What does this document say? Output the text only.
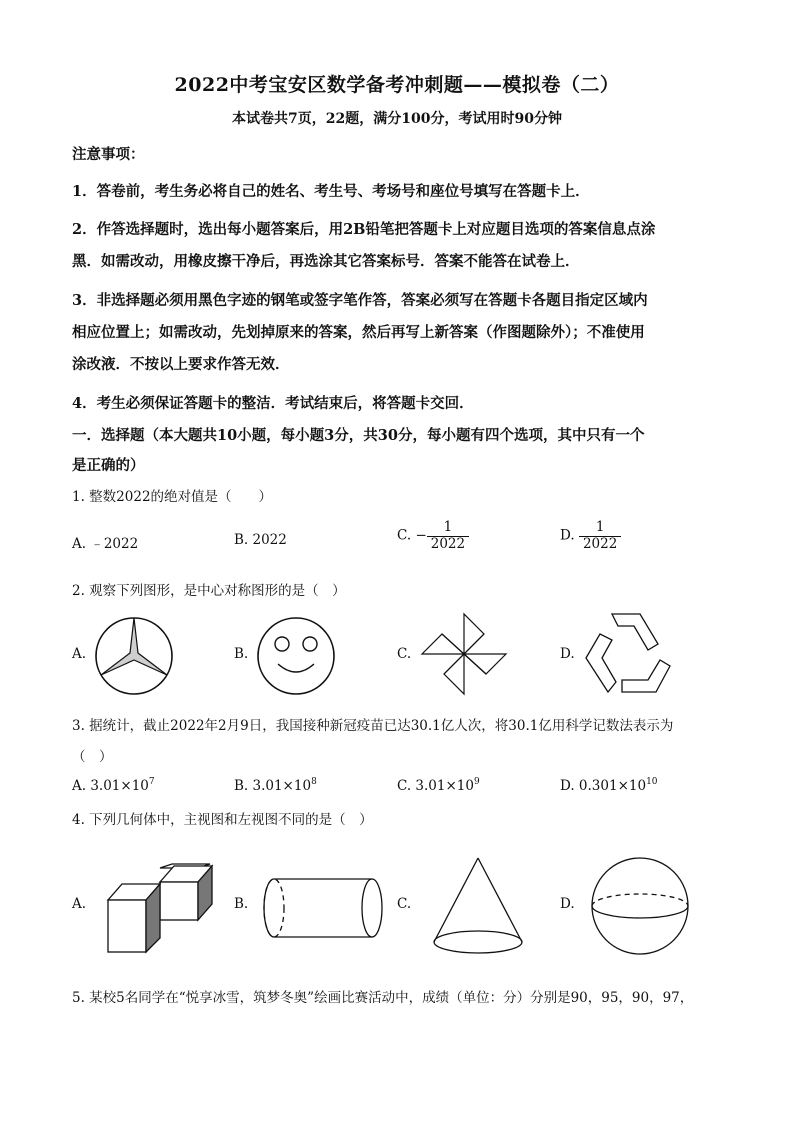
2022中考宝安区数学备考冲刺题——模拟卷（二）
本试卷共7页，22题，满分100分，考试用时90分钟
注意事项：
1．答卷前，考生务必将自己的姓名、考生号、考场号和座位号填写在答题卡上．
2．作答选择题时，选出每小题答案后，用2B铅笔把答题卡上对应题目选项的答案信息点涂
黑．如需改动，用橡皮擦干净后，再选涂其它答案标号．答案不能答在试卷上．
3．非选择题必须用黑色字迹的钢笔或签字笔作答，答案必须写在答题卡各题目指定区域内
相应位置上；如需改动，先划掉原来的答案，然后再写上新答案（作图题除外）；不准使用
涂改液．不按以上要求作答无效．
4．考生必须保证答题卡的整洁．考试结束后，将答题卡交回．
一．选择题（本大题共10小题，每小题3分，共30分，每小题有四个选项，其中只有一个
是正确的）
1. 整数2022的绝对值是（　　）
A. ﹣2022	B. 2022	C. − $\frac{1}{2022}$	D. $\frac{1}{2022}$
2. 观察下列图形，是中心对称图形的是（　）
A.	B.	C.	D.
3. 据统计，截止2022年2月9日，我国接种新冠疫苗已达30.1亿人次，将30.1亿用科学记数法表示为
（　）
A. $3.01\times 10^7$	B. $3.01\times 10^8$	C. $3.01\times 10^9$	D. $0.301\times 10^{10}$
4. 下列几何体中，主视图和左视图不同的是（　）
A.	B.	C.	D.
5. 某校5名同学在“悦享冰雪，筑梦冬奥”绘画比赛活动中，成绩（单位：分）分别是90，95，90，97，
